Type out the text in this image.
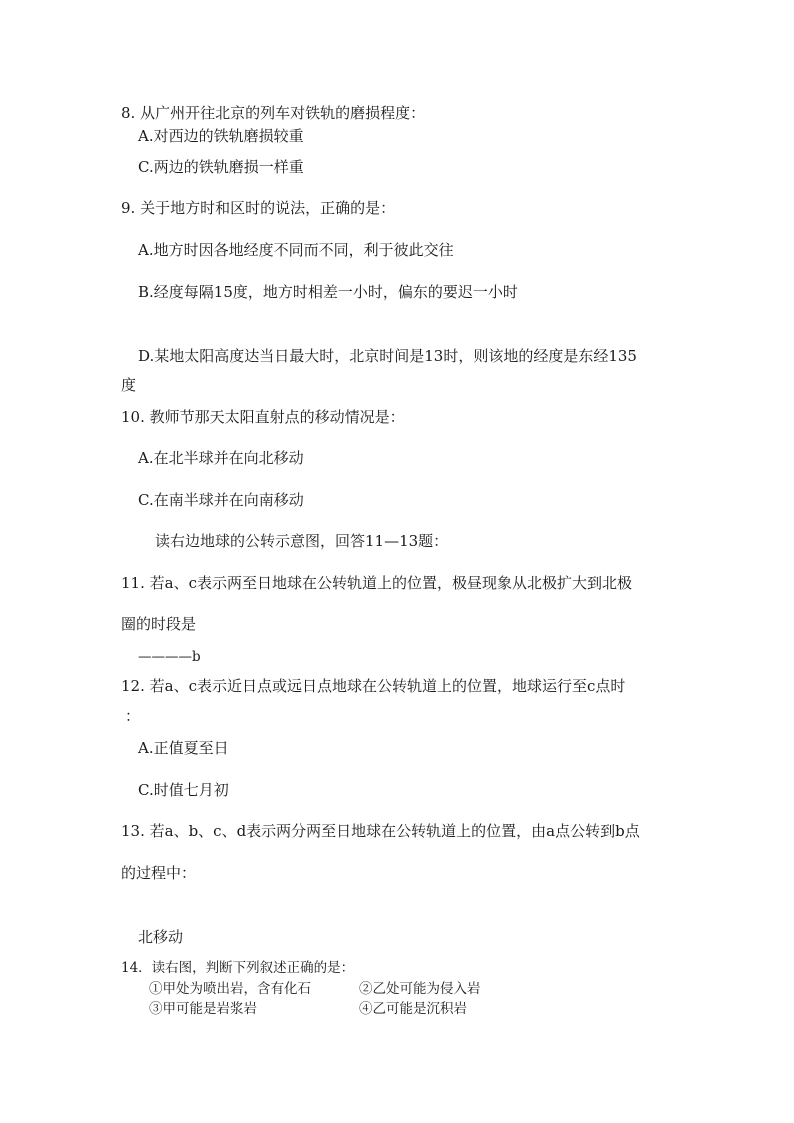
8. 从广州开往北京的列车对铁轨的磨损程度：
A.对西边的铁轨磨损较重
C.两边的铁轨磨损一样重
9. 关于地方时和区时的说法，正确的是：
A.地方时因各地经度不同而不同，利于彼此交往
B.经度每隔15度，地方时相差一小时，偏东的要迟一小时
D.某地太阳高度达当日最大时，北京时间是13时，则该地的经度是东经135
度
10. 教师节那天太阳直射点的移动情况是：
A.在北半球并在向北移动
C.在南半球并在向南移动
读右边地球的公转示意图，回答11—13题：
11. 若a、c表示两至日地球在公转轨道上的位置，极昼现象从北极扩大到北极
圈的时段是
————b
12. 若a、c表示近日点或远日点地球在公转轨道上的位置，地球运行至c点时
：
A.正值夏至日
C.时值七月初
13. 若a、b、c、d表示两分两至日地球在公转轨道上的位置，由a点公转到b点
的过程中：
北移动
14．读右图，判断下列叙述正确的是：
①甲处为喷出岩，含有化石	②乙处可能为侵入岩
③甲可能是岩浆岩	④乙可能是沉积岩
